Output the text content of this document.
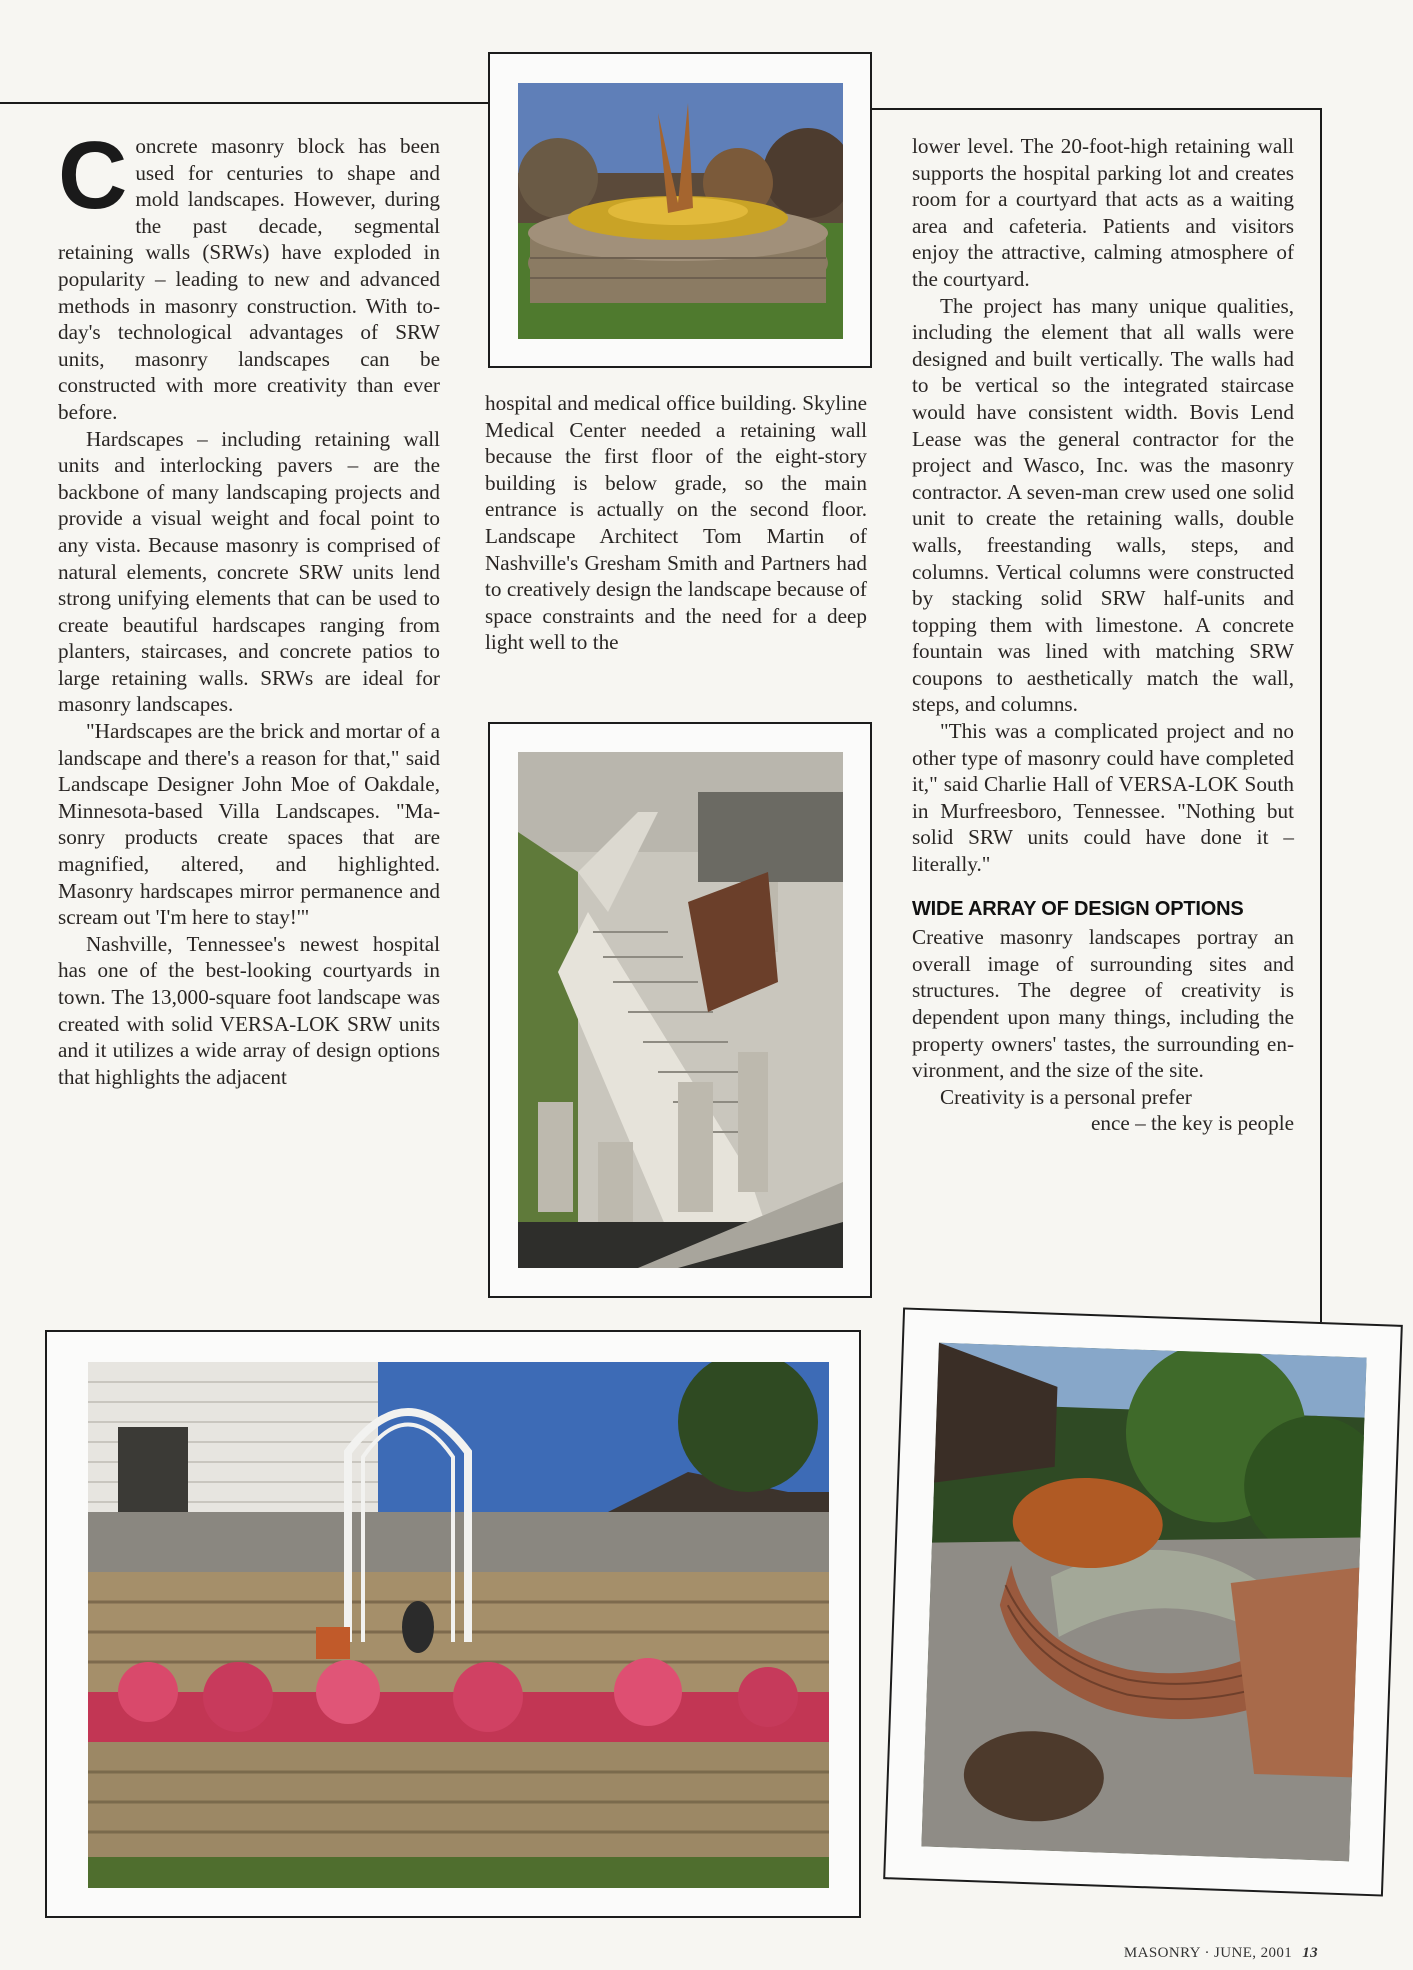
Concrete masonry block has been used for centuries to shape and mold landscapes. However, during the past decade, segmental retaining walls (SRWs) have exploded in popularity – leading to new and advanced methods in masonry construction. With today's technological advantages of SRW units, masonry landscapes can be constructed with more creativity than ever before.

Hardscapes – including retaining wall units and interlocking pavers – are the backbone of many landscaping projects and provide a visual weight and focal point to any vista. Because masonry is comprised of natural elements, concrete SRW units lend strong unifying elements that can be used to create beautiful hardscapes ranging from planters, staircases, and concrete patios to large retaining walls. SRWs are ideal for masonry landscapes.

"Hardscapes are the brick and mortar of a landscape and there's a reason for that," said Landscape Designer John Moe of Oakdale, Minnesota-based Villa Landscapes. "Masonry products create spaces that are magnified, altered, and highlighted. Masonry hardscapes mirror permanence and scream out 'I'm here to stay!'"

Nashville, Tennessee's newest hospital has one of the best-looking courtyards in town. The 13,000-square foot landscape was created with solid VERSA-LOK SRW units and it utilizes a wide array of design options that highlights the adjacent

hospital and medical office building. Skyline Medical Center needed a retaining wall because the first floor of the eight-story building is below grade, so the main entrance is actually on the second floor. Landscape Architect Tom Martin of Nashville's Gresham Smith and Partners had to creatively design the landscape because of space constraints and the need for a deep light well to the

lower level. The 20-foot-high retaining wall supports the hospital parking lot and creates room for a courtyard that acts as a waiting area and cafeteria. Patients and visitors enjoy the attractive, calming atmosphere of the courtyard.

The project has many unique qualities, including the element that all walls were designed and built vertically. The walls had to be vertical so the integrated staircase would have consistent width. Bovis Lend Lease was the general contractor for the project and Wasco, Inc. was the masonry contractor. A seven-man crew used one solid unit to create the retaining walls, double walls, freestanding walls, steps, and columns. Vertical columns were constructed by stacking solid SRW half-units and topping them with limestone. A concrete fountain was lined with matching SRW coupons to aesthetically match the wall, steps, and columns.

"This was a complicated project and no other type of masonry could have completed it," said Charlie Hall of VERSA-LOK South in Murfreesboro, Tennessee. "Nothing but solid SRW units could have done it – literally."

WIDE ARRAY OF DESIGN OPTIONS

Creative masonry landscapes portray an overall image of surrounding sites and structures. The degree of creativity is dependent upon many things, including the property owners' tastes, the surrounding environment, and the size of the site.

Creativity is a personal prefer

ence – the key is people

MASONRY · JUNE, 2001 13
